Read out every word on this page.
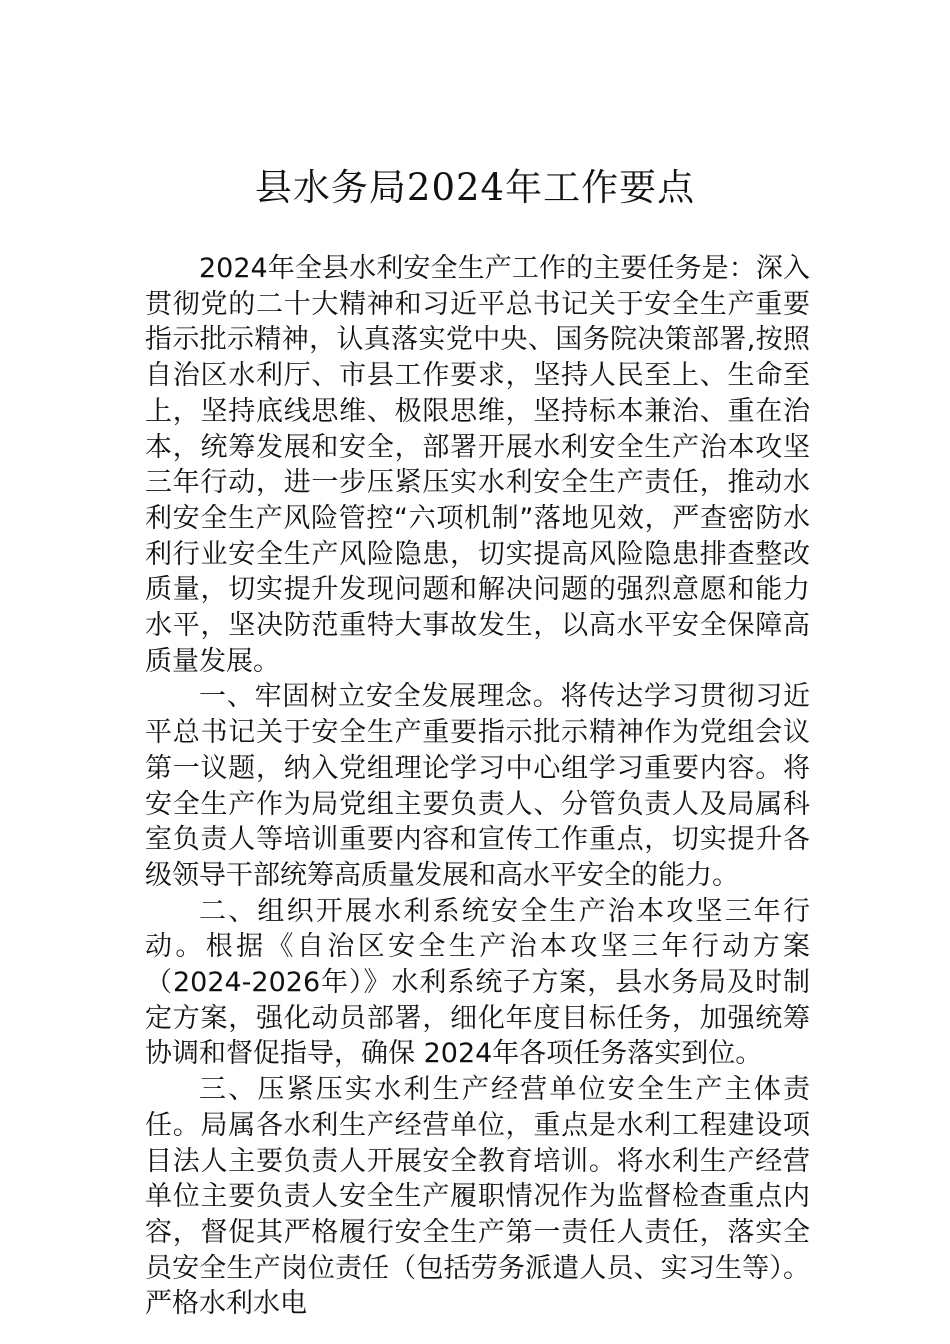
县水务局2024年工作要点

2024年全县水利安全生产工作的主要任务是：深入贯彻党的二十大精神和习近平总书记关于安全生产重要指示批示精神，认真落实党中央、国务院决策部署,按照自治区水利厅、市县工作要求，坚持人民至上、生命至上，坚持底线思维、极限思维，坚持标本兼治、重在治本，统筹发展和安全，部署开展水利安全生产治本攻坚三年行动，进一步压紧压实水利安全生产责任，推动水利安全生产风险管控“六项机制”落地见效，严查密防水利行业安全生产风险隐患，切实提高风险隐患排查整改质量，切实提升发现问题和解决问题的强烈意愿和能力水平，坚决防范重特大事故发生，以高水平安全保障高质量发展。

一、牢固树立安全发展理念。将传达学习贯彻习近平总书记关于安全生产重要指示批示精神作为党组会议第一议题，纳入党组理论学习中心组学习重要内容。将安全生产作为局党组主要负责人、分管负责人及局属科室负责人等培训重要内容和宣传工作重点，切实提升各级领导干部统筹高质量发展和高水平安全的能力。

二、组织开展水利系统安全生产治本攻坚三年行动。根据《自治区安全生产治本攻坚三年行动方案（2024-2026年）》水利系统子方案，县水务局及时制定方案，强化动员部署，细化年度目标任务，加强统筹协调和督促指导，确保 2024年各项任务落实到位。

三、压紧压实水利生产经营单位安全生产主体责任。局属各水利生产经营单位，重点是水利工程建设项目法人主要负责人开展安全教育培训。将水利生产经营单位主要负责人安全生产履职情况作为监督检查重点内容，督促其严格履行安全生产第一责任人责任，落实全员安全生产岗位责任（包括劳务派遣人员、实习生等）。严格水利水电
